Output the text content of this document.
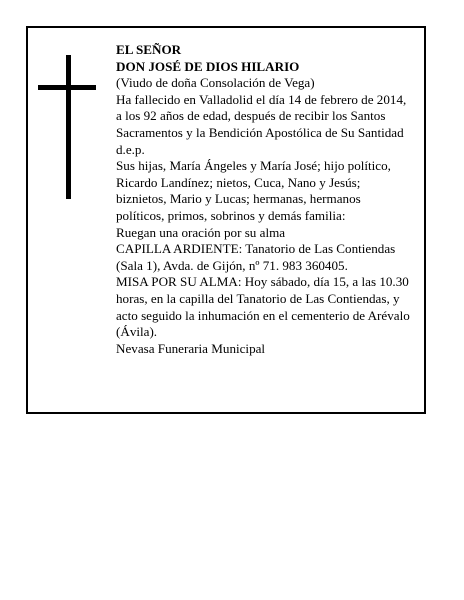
EL SEÑOR
DON JOSÉ DE DIOS HILARIO
(Viudo de doña Consolación de Vega)
Ha fallecido en Valladolid el día 14 de febrero de 2014,
a los 92 años de edad, después de recibir los Santos
Sacramentos y la Bendición Apostólica de Su Santidad
d.e.p.
Sus hijas, María Ángeles y María José; hijo político,
Ricardo Landínez; nietos, Cuca, Nano y Jesús;
biznietos, Mario y Lucas; hermanas, hermanos
políticos, primos, sobrinos y demás familia:
Ruegan una oración por su alma
CAPILLA ARDIENTE: Tanatorio de Las Contiendas
(Sala 1), Avda. de Gijón, nº 71. 983 360405.
MISA POR SU ALMA: Hoy sábado, día 15, a las 10.30
horas, en la capilla del Tanatorio de Las Contiendas, y
acto seguido la inhumación en el cementerio de Arévalo
(Ávila).
Nevasa Funeraria Municipal
